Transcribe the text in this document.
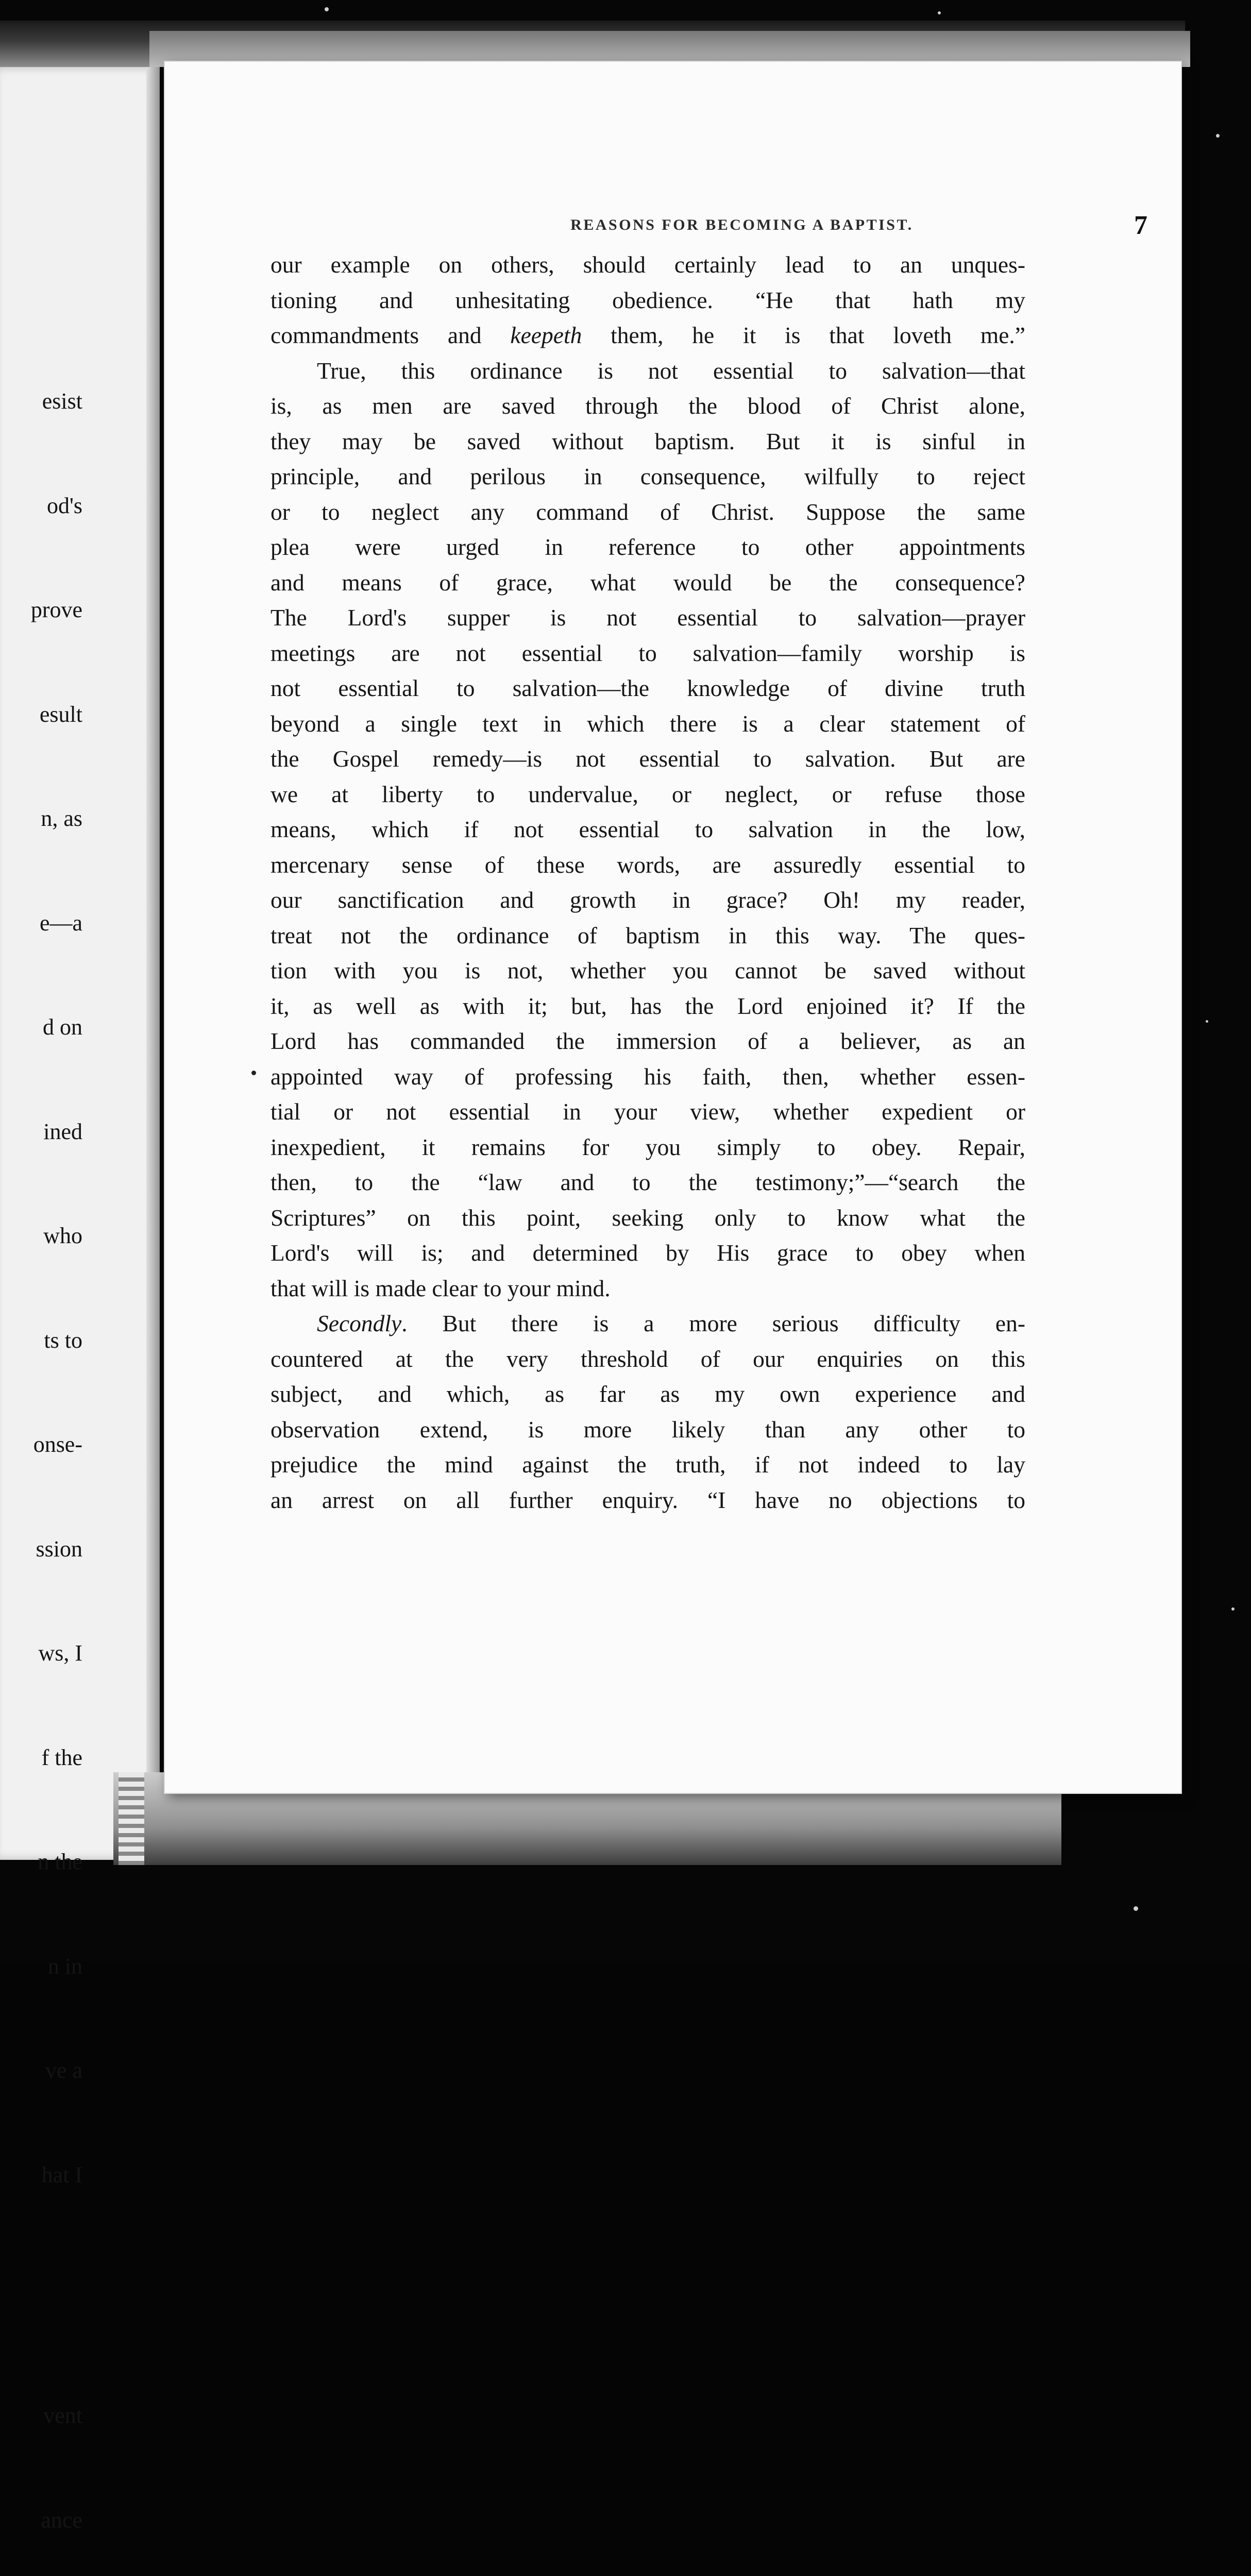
esist

od's

prove

esult

n, as

e—a

d on

ined

who

ts to

onse-

ssion

ws, I

f the

n the

n in

ve a

hat I

vent

ance

REASONS FOR BECOMING A BAPTIST.	7
our example on others, should certainly lead to an unques-
tioning and unhesitating obedience. “He that hath my
commandments and keepeth them, he it is that loveth me.”
True, this ordinance is not essential to salvation—that
is, as men are saved through the blood of Christ alone,
they may be saved without baptism. But it is sinful in
principle, and perilous in consequence, wilfully to reject
or to neglect any command of Christ. Suppose the same
plea were urged in reference to other appointments
and means of grace, what would be the consequence?
The Lord's supper is not essential to salvation—prayer
meetings are not essential to salvation—family worship is
not essential to salvation—the knowledge of divine truth
beyond a single text in which there is a clear statement of
the Gospel remedy—is not essential to salvation. But are
we at liberty to undervalue, or neglect, or refuse those
means, which if not essential to salvation in the low,
mercenary sense of these words, are assuredly essential to
our sanctification and growth in grace? Oh! my reader,
treat not the ordinance of baptism in this way. The ques-
tion with you is not, whether you cannot be saved without
it, as well as with it; but, has the Lord enjoined it? If the
Lord has commanded the immersion of a believer, as an
appointed way of professing his faith, then, whether essen-
tial or not essential in your view, whether expedient or
inexpedient, it remains for you simply to obey. Repair,
then, to the “law and to the testimony;”—“search the
Scriptures” on this point, seeking only to know what the
Lord's will is; and determined by His grace to obey when
that will is made clear to your mind.
Secondly. But there is a more serious difficulty en-
countered at the very threshold of our enquiries on this
subject, and which, as far as my own experience and
observation extend, is more likely than any other to
prejudice the mind against the truth, if not indeed to lay
an arrest on all further enquiry. “I have no objections to
